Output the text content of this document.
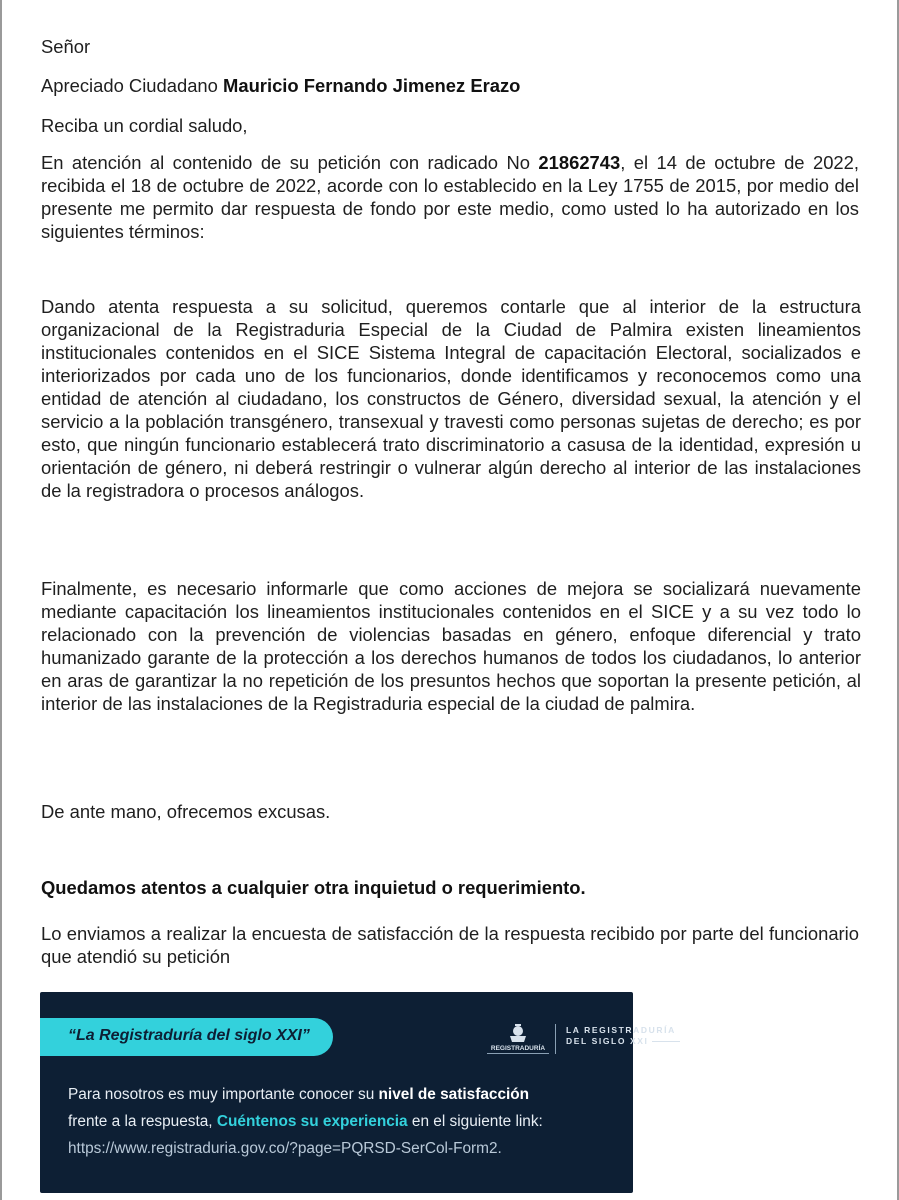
Señor

Apreciado Ciudadano Mauricio Fernando Jimenez Erazo

Reciba un cordial saludo,

En atención al contenido de su petición con radicado No 21862743, el 14 de octubre de 2022, recibida el 18 de octubre de 2022, acorde con lo establecido en la Ley 1755 de 2015, por medio del presente me permito dar respuesta de fondo por este medio, como usted lo ha autorizado en los siguientes términos:

Dando atenta respuesta a su solicitud, queremos contarle que al interior de la estructura organizacional de la Registraduria Especial de la Ciudad de Palmira existen lineamientos institucionales contenidos en el SICE Sistema Integral de capacitación Electoral, socializados e interiorizados por cada uno de los funcionarios, donde identificamos y reconocemos como una entidad de atención al ciudadano, los constructos de Género, diversidad sexual, la atención y el servicio a la población transgénero, transexual y travesti como personas sujetas de derecho; es por esto, que ningún funcionario establecerá trato discriminatorio a casusa de la identidad, expresión u orientación de género, ni deberá restringir o vulnerar algún derecho al interior de las instalaciones de la registradora o procesos análogos.

Finalmente, es necesario informarle que como acciones de mejora se socializará nuevamente mediante capacitación los lineamientos institucionales contenidos en el SICE y a su vez todo lo relacionado con la prevención de violencias basadas en género, enfoque diferencial y trato humanizado garante de la protección a los derechos humanos de todos los ciudadanos, lo anterior en aras de garantizar la no repetición de los presuntos hechos que soportan la presente petición, al interior de las instalaciones de la Registraduria especial de la ciudad de palmira.

De ante mano, ofrecemos excusas.

Quedamos atentos a cualquier otra inquietud o requerimiento.

Lo enviamos a realizar la encuesta de satisfacción de la respuesta recibido por parte del funcionario que atendió su petición

“La Registraduría del siglo XXI”
REGISTRADURÍA
LA REGISTRADURÍA
DEL SIGLO XXI
Para nosotros es muy importante conocer su nivel de satisfacción
frente a la respuesta, Cuéntenos su experiencia en el siguiente link:
https://www.registraduria.gov.co/?page=PQRSD-SerCol-Form2.
